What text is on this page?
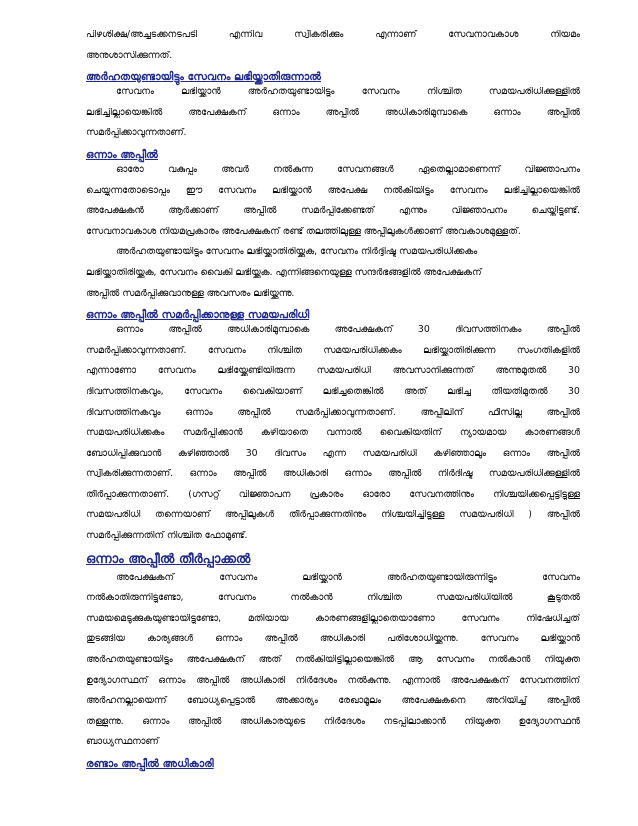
പിഴശിക്ഷ/അച്ചടക്കനടപടി	എന്നിവ	സ്വീകരിക്കും	എന്നാണ്	സേവനാവകാശ	നിയമം
അനുശാസിക്കുന്നത്.
അർഹതയുണ്ടായിട്ടും സേവനം ലഭിയ്ക്കാതിരുന്നാൽ
സേവനം	ലഭിയ്ക്കാൻ	അർഹതയുണ്ടായിട്ടും	സേവനം	നിശ്ചിത	സമയപരിധിക്കുള്ളിൽ
ലഭിച്ചില്ലായെങ്കിൽ	അപേക്ഷകന്	ഒന്നാം	അപ്പീൽ	അധികാരിമുമ്പാകെ	ഒന്നാം	അപ്പീൽ
സമർപ്പിക്കാവുന്നതാണ്.
ഒന്നാം അപ്പീൽ
ഓരോ	വകുപ്പും	അവർ	നൽകുന്ന	സേവനങ്ങൾ	ഏതെല്ലാമാണെന്ന്	വിജ്ഞാപനം
ചെയ്യുന്നതോടൊപ്പം ഈ സേവനം ലഭിയ്ക്കാൻ അപേക്ഷ നൽകിയിട്ടും സേവനം ലഭിച്ചില്ലായെങ്കിൽ
അപേക്ഷകൻ	ആർക്കാണ്	അപ്പീൽ	സമർപ്പിക്കേണ്ടത്	എന്നും	വിജ്ഞാപനം	ചെയ്തിട്ടുണ്ട്.
സേവനാവകാശ നിയമപ്രകാരം അപേക്ഷകന് രണ്ട് തലത്തിലുള്ള അപ്പീലുകൾക്കാണ് അവകാശമുള്ളത്.
അർഹതയുണ്ടായിട്ടും സേവനം ലഭിയ്ക്കാതിരിയ്ക്കുക, സേവനം നിർദ്ദിഷ്ട സമയപരിധിക്കകം
ലഭിയ്ക്കാതിരിയ്ക്കുക, സേവനം വൈകി ലഭിയ്ക്കുക. എന്നിങ്ങനെയുള്ള സന്ദർഭങ്ങളിൽ അപേക്ഷകന്
അപ്പീൽ സമർപ്പിക്കുവാനുള്ള അവസരം ലഭിയ്ക്കുന്നു.
ഒന്നാം അപ്പീൽ സമർപ്പിക്കാനുള്ള സമയപരിധി
ഒന്നാം	അപ്പീൽ	അധികാരിമുമ്പാകെ	അപേക്ഷകന്	30	ദിവസത്തിനകം	അപ്പീൽ
സമർപ്പിക്കാവുന്നതാണ്. സേവനം നിശ്ചിത സമയപരിധിക്കകം ലഭിയ്ക്കാതിരിക്കുന്ന സംഗതികളിൽ
എന്നാണോ സേവനം ലഭിയ്ക്കേണ്ടിയിരുന്ന സമയപരിധി അവസാനിക്കുന്നത് അന്നുമുതൽ 30
ദിവസത്തിനകവും, സേവനം വൈകിയാണ് ലഭിച്ചതെങ്കിൽ അത് ലഭിച്ച തീയതിമുതൽ 30
ദിവസത്തിനകവും	ഒന്നാം	അപ്പീൽ	സമർപ്പിക്കാവുന്നതാണ്.	അപ്പീലിന്	ഫീസില്ല	അപ്പീൽ
സമയപരിധിക്കകം സമർപ്പിക്കാൻ കഴിയാതെ വന്നാൽ വൈകിയതിന് ന്യായമായ കാരണങ്ങൾ
ബോധിപ്പിക്കുവാൻ കഴിഞ്ഞാൽ 30 ദിവസം എന്ന സമയപരിധി കഴിഞ്ഞാലും ഒന്നാം അപ്പീൽ
സ്വീകരിക്കുന്നതാണ്. ഒന്നാം അപ്പീൽ അധികാരി ഒന്നാം അപ്പീൽ നിർദിഷ്ട സമയപരിധിക്കുള്ളിൽ
തീർപ്പാക്കുന്നതാണ്. (ഗസറ്റ് വിജ്ഞാപന പ്രകാരം ഓരോ സേവനത്തിനും നിശ്ചയിക്കപ്പെട്ടിട്ടുള്ള
സമയപരിധി തന്നെയാണ് അപ്പീലുകൾ തീർപ്പാക്കുന്നതിനും നിശ്ചയിച്ചിട്ടുള്ള സമയപരിധി ) അപ്പീൽ
സമർപ്പിക്കുന്നതിന് നിശ്ചിത ഫോമുണ്ട്.
ഒന്നാം അപ്പീൽ തീർപ്പാക്കൽ
അപേക്ഷകന്	സേവനം	ലഭിയ്ക്കാൻ	അർഹതയുണ്ടായിരുന്നിട്ടും	സേവനം
നൽകാതിരുന്നിട്ടുണ്ടോ,	സേവനം	നൽകാൻ	നിശ്ചിത	സമയപരിധിയിൽ	കൂടുതൽ
സമയമെടുക്കുകയുണ്ടായിട്ടുണ്ടോ,	മതിയായ	കാരണങ്ങളില്ലാതെയാണോ	സേവനം	നിഷേധിച്ചത്
തുടങ്ങിയ കാര്യങ്ങൾ ഒന്നാം അപ്പീൽ അധികാരി പരിശോധിയ്ക്കുന്നു. സേവനം ലഭിയ്ക്കാൻ
അർഹതയുണ്ടായിട്ടും അപേക്ഷകന് അത് നൽകിയിട്ടില്ലായെങ്കിൽ ആ സേവനം നൽകാൻ നിയുക്ത
ഉദ്യോഗസ്ഥന് ഒന്നാം അപ്പീൽ അധികാരി നിർദേശം നൽകുന്നു. എന്നാൽ അപേക്ഷകന് സേവനത്തിന്
അർഹനല്ലായെന്ന് ബോധ്യപ്പെട്ടാൽ അക്കാര്യം രേഖാമൂലം അപേക്ഷകനെ അറിയിച്ച് അപ്പീൽ
തള്ളുന്നു. ഒന്നാം അപ്പീൽ അധികാരയുടെ നിർദേശം നടപ്പിലാക്കാൻ നിയുക്ത ഉദ്യോഗസ്ഥൻ
ബാധ്യസ്ഥനാണ്
രണ്ടാം അപ്പീൽ അധികാരി
